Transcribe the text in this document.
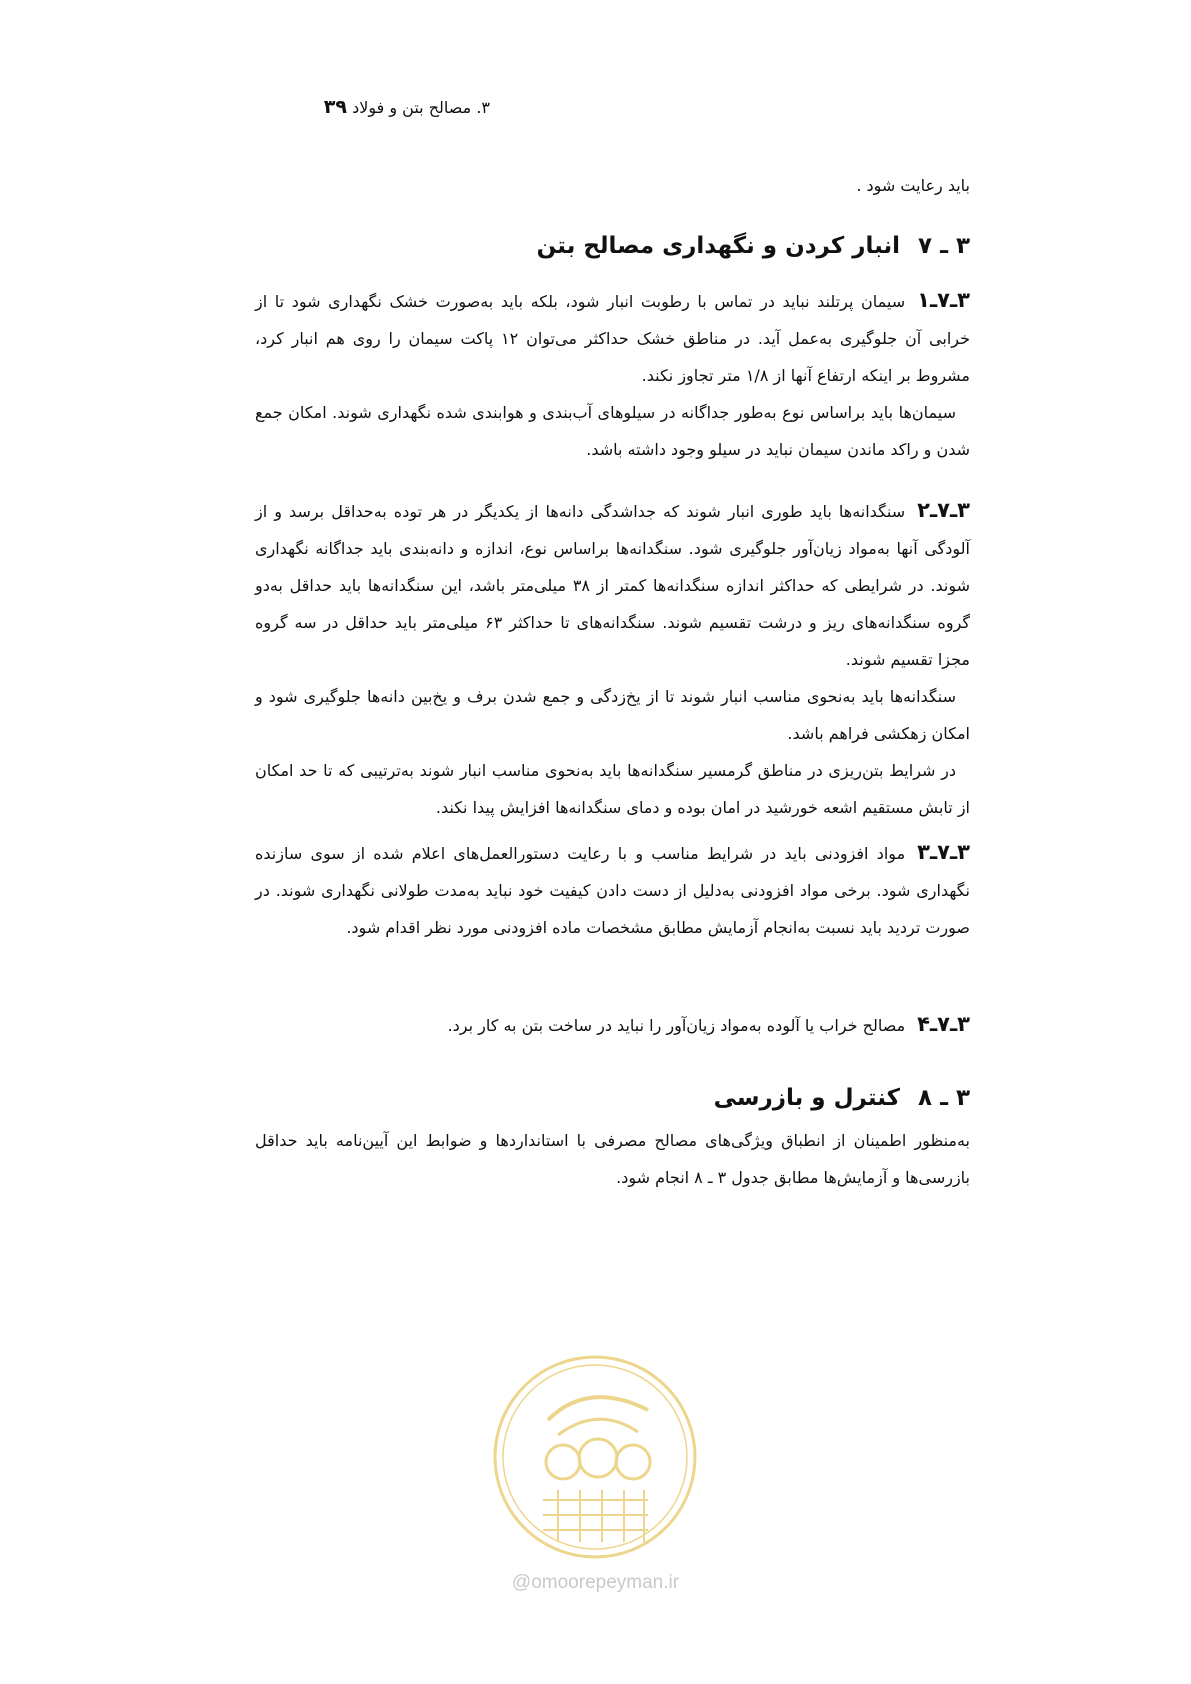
۳. مصالح بتن و فولاد ۳۹

باید رعایت شود .

۳ ـ ۷انبار کردن و نگهداری مصالح بتن

۳ـ۷ـ۱سیمان پرتلند نباید در تماس با رطوبت انبار شود، بلکه باید به‌صورت خشک نگهداری شود تا از خرابی آن جلوگیری به‌عمل آید. در مناطق خشک حداکثر می‌توان ۱۲ پاکت سیمان را روی هم انبار کرد، مشروط بر اینکه ارتفاع آنها از ۱/۸ متر تجاوز نکند.

سیمان‌ها باید براساس نوع به‌طور جداگانه در سیلوهای آب‌بندی و هوابندی شده نگهداری شوند. امکان جمع شدن و راکد ماندن سیمان نباید در سیلو وجود داشته باشد.

۳ـ۷ـ۲سنگدانه‌ها باید طوری انبار شوند که جداشدگی دانه‌ها از یکدیگر در هر توده به‌حداقل برسد و از آلودگی آنها به‌مواد زیان‌آور جلوگیری شود. سنگدانه‌ها براساس نوع، اندازه و دانه‌بندی باید جداگانه نگهداری شوند. در شرایطی که حداکثر اندازه سنگدانه‌ها کمتر از ۳۸ میلی‌متر باشد، این سنگدانه‌ها باید حداقل به‌دو گروه سنگدانه‌های ریز و درشت تقسیم شوند. سنگدانه‌های تا حداکثر ۶۳ میلی‌متر باید حداقل در سه گروه مجزا تقسیم شوند.

سنگدانه‌ها باید به‌نحوی مناسب انبار شوند تا از یخ‌زدگی و جمع شدن برف و یخ‌بین دانه‌ها جلوگیری شود و امکان زهکشی فراهم باشد.

در شرایط بتن‌ریزی در مناطق گرمسیر سنگدانه‌ها باید به‌نحوی مناسب انبار شوند به‌ترتیبی که تا حد امکان از تابش مستقیم اشعه خورشید در امان بوده و دمای سنگدانه‌ها افزایش پیدا نکند.

۳ـ۷ـ۳مواد افزودنی باید در شرایط مناسب و با رعایت دستورالعمل‌های اعلام شده از سوی سازنده نگهداری شود. برخی مواد افزودنی به‌دلیل از دست دادن کیفیت خود نباید به‌مدت طولانی نگهداری شوند. در صورت تردید باید نسبت به‌انجام آزمایش مطابق مشخصات ماده افزودنی مورد نظر اقدام شود.

۳ـ۷ـ۴مصالح خراب یا آلوده به‌مواد زیان‌آور را نباید در ساخت بتن به کار برد.

۳ ـ ۸کنترل و بازرسی

به‌منظور اطمینان از انطباق ویژگی‌های مصالح مصرفی با استانداردها و ضوابط این آیین‌نامه باید حداقل بازرسی‌ها و آزمایش‌ها مطابق جدول ۳ ـ ۸ انجام شود.

@omoorepeyman.ir
